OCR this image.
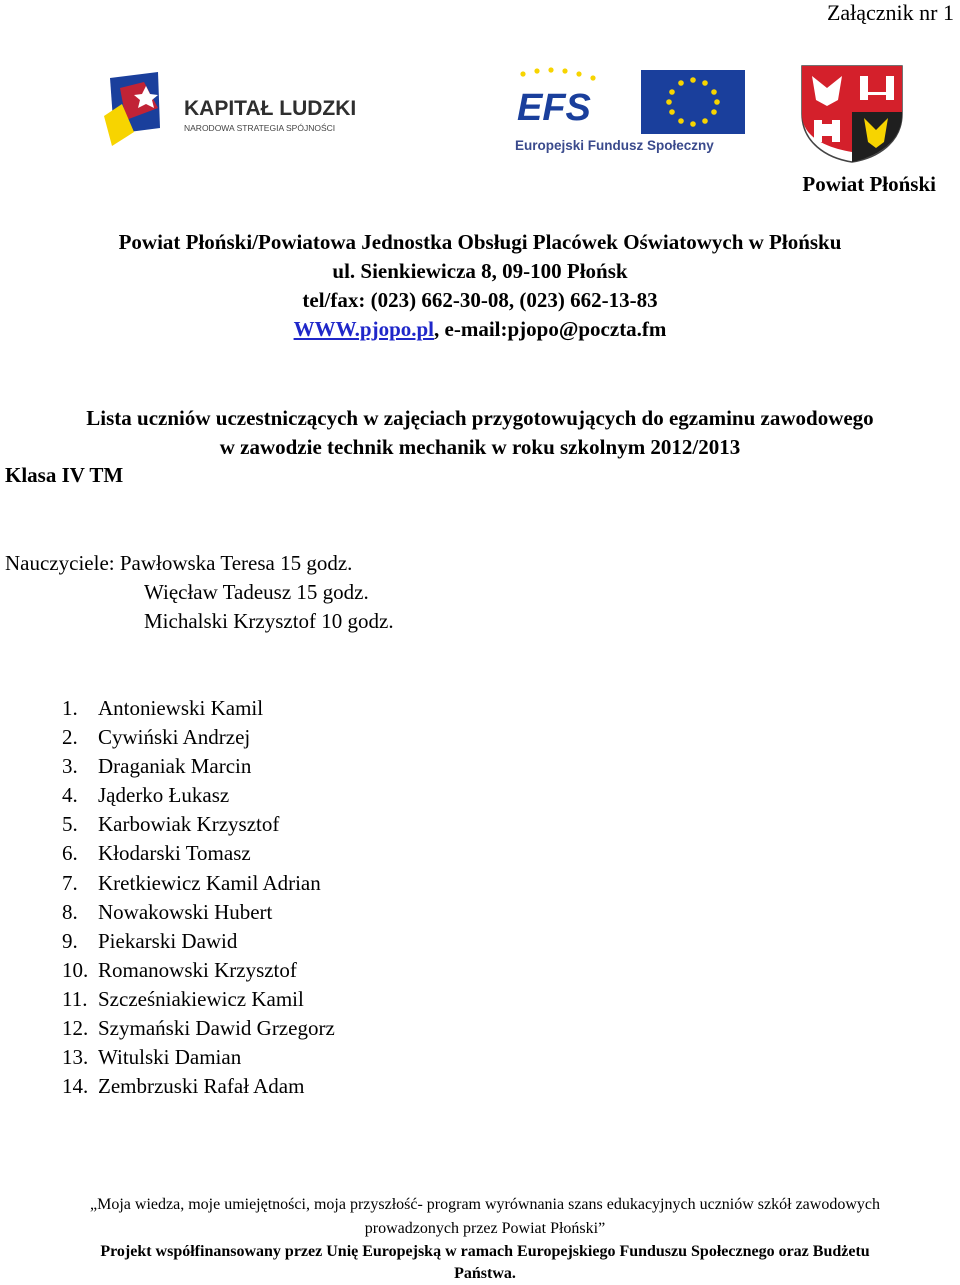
Załącznik nr 1
KAPITAŁ LUDZKI
NARODOWA STRATEGIA SPÓJNOŚCI	EFS
Europejski Fundusz Społeczny
Powiat Płoński
Powiat Płoński/Powiatowa Jednostka Obsługi Placówek Oświatowych w Płońsku
ul. Sienkiewicza 8, 09-100 Płońsk
tel/fax: (023) 662-30-08, (023) 662-13-83
WWW.pjopo.pl, e-mail:pjopo@poczta.fm
Lista uczniów uczestniczących w zajęciach przygotowujących do egzaminu zawodowego
w zawodzie technik mechanik w roku szkolnym 2012/2013
Klasa IV TM
Nauczyciele: Pawłowska Teresa 15 godz.
Więcław Tadeusz 15 godz.
Michalski Krzysztof 10 godz.
1. Antoniewski Kamil
2. Cywiński Andrzej
3. Draganiak Marcin
4. Jąderko Łukasz
5. Karbowiak Krzysztof
6. Kłodarski Tomasz
7. Kretkiewicz Kamil Adrian
8. Nowakowski Hubert
9. Piekarski Dawid
10. Romanowski Krzysztof
11. Szcześniakiewicz Kamil
12. Szymański Dawid Grzegorz
13. Witulski Damian
14. Zembrzuski Rafał Adam
„Moja wiedza, moje umiejętności, moja przyszłość- program wyrównania szans edukacyjnych uczniów szkół zawodowych
prowadzonych przez Powiat Płoński”
Projekt współfinansowany przez Unię Europejską w ramach Europejskiego Funduszu Społecznego oraz Budżetu
Państwa.
